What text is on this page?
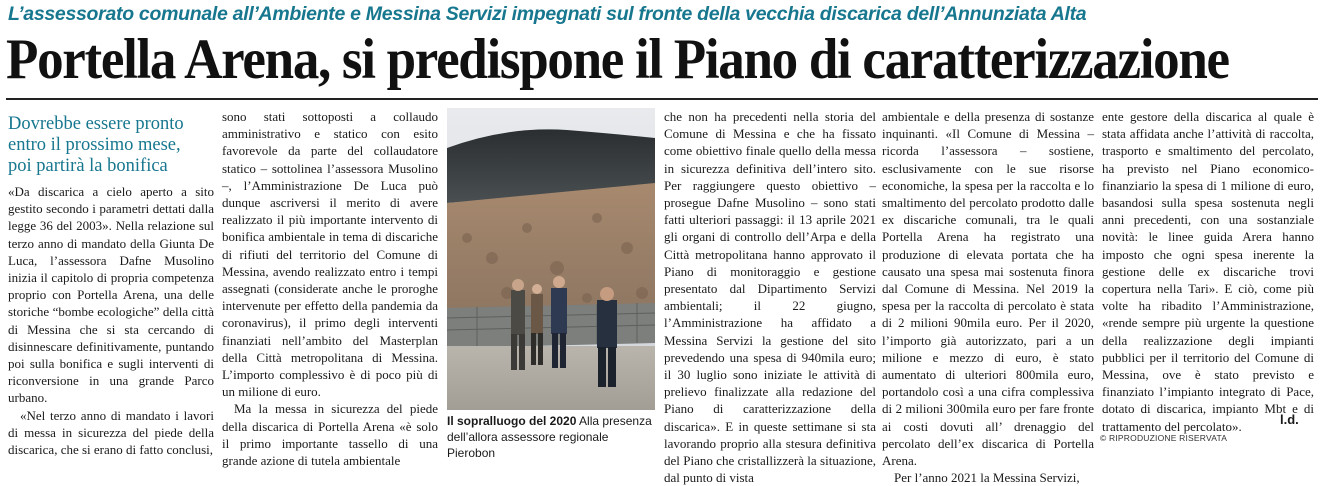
L’assessorato comunale all’Ambiente e Messina Servizi impegnati sul fronte della vecchia discarica dell’Annunziata Alta
Portella Arena, si predispone il Piano di caratterizzazione
Dovrebbe essere pronto
entro il prossimo mese,
poi partirà la bonifica

«Da discarica a cielo aperto a sito gestito secondo i parametri dettati dalla legge 36 del 2003». Nella relazione sul terzo anno di mandato della Giunta De Luca, l’assessora Dafne Musolino inizia il capitolo di propria competenza proprio con Portella Arena, una delle storiche “bombe ecologiche” della città di Messina che si sta cercando di disinnescare definitivamente, puntando poi sulla bonifica e sugli interventi di riconversione in una grande Parco urbano.

«Nel terzo anno di mandato i lavori di messa in sicurezza del piede della discarica, che si erano di fatto conclusi,

sono stati sottoposti a collaudo amministrativo e statico con esito favorevole da parte del collaudatore statico – sottolinea l’assessora Musolino –, l’Amministrazione De Luca può dunque ascriversi il merito di avere realizzato il più importante intervento di bonifica ambientale in tema di discariche di rifiuti del territorio del Comune di Messina, avendo realizzato entro i tempi assegnati (considerate anche le proroghe intervenute per effetto della pandemia da coronavirus), il primo degli interventi finanziati nell’ambito del Masterplan della Città metropolitana di Messina. L’importo complessivo è di poco più di un milione di euro.

Ma la messa in sicurezza del piede della discarica di Portella Arena «è solo il primo importante tassello di una grande azione di tutela ambientale

Il sopralluogo del 2020 Alla presenza dell’allora assessore regionale Pierobon

che non ha precedenti nella storia del Comune di Messina e che ha fissato come obiettivo finale quello della messa in sicurezza definitiva dell’intero sito. Per raggiungere questo obiettivo – prosegue Dafne Musolino – sono stati fatti ulteriori passaggi: il 13 aprile 2021 gli organi di controllo dell’Arpa e della Città metropolitana hanno approvato il Piano di monitoraggio e gestione presentato dal Dipartimento Servizi ambientali; il 22 giugno, l’Amministrazione ha affidato a Messina Servizi la gestione del sito prevedendo una spesa di 940mila euro; il 30 luglio sono iniziate le attività di prelievo finalizzate alla redazione del Piano di caratterizzazione della discarica». E in queste settimane si sta lavorando proprio alla stesura definitiva del Piano che cristallizzerà la situazione, dal punto di vista

ambientale e della presenza di sostanze inquinanti. «Il Comune di Messina – ricorda l’assessora – sostiene, esclusivamente con le sue risorse economiche, la spesa per la raccolta e lo smaltimento del percolato prodotto dalle ex discariche comunali, tra le quali Portella Arena ha registrato una produzione di elevata portata che ha causato una spesa mai sostenuta finora dal Comune di Messina. Nel 2019 la spesa per la raccolta di percolato è stata di 2 milioni 90mila euro. Per il 2020, l’importo già autorizzato, pari a un milione e mezzo di euro, è stato aumentato di ulteriori 800mila euro, portandolo così a una cifra complessiva di 2 milioni 300mila euro per fare fronte ai costi dovuti all’ drenaggio del percolato dell’ex discarica di Portella Arena.

Per l’anno 2021 la Messina Servizi,

ente gestore della discarica al quale è stata affidata anche l’attività di raccolta, trasporto e smaltimento del percolato, ha previsto nel Piano economico-finanziario la spesa di 1 milione di euro, basandosi sulla spesa sostenuta negli anni precedenti, con una sostanziale novità: le linee guida Arera hanno imposto che ogni spesa inerente la gestione delle ex discariche trovi copertura nella Tari». E ciò, come più volte ha ribadito l’Amministrazione, «rende sempre più urgente la questione della realizzazione degli impianti pubblici per il territorio del Comune di Messina, ove è stato previsto e finanziato l’impianto integrato di Pace, dotato di discarica, impianto Mbt e di trattamento del percolato».	l.d.
© RIPRODUZIONE RISERVATA
